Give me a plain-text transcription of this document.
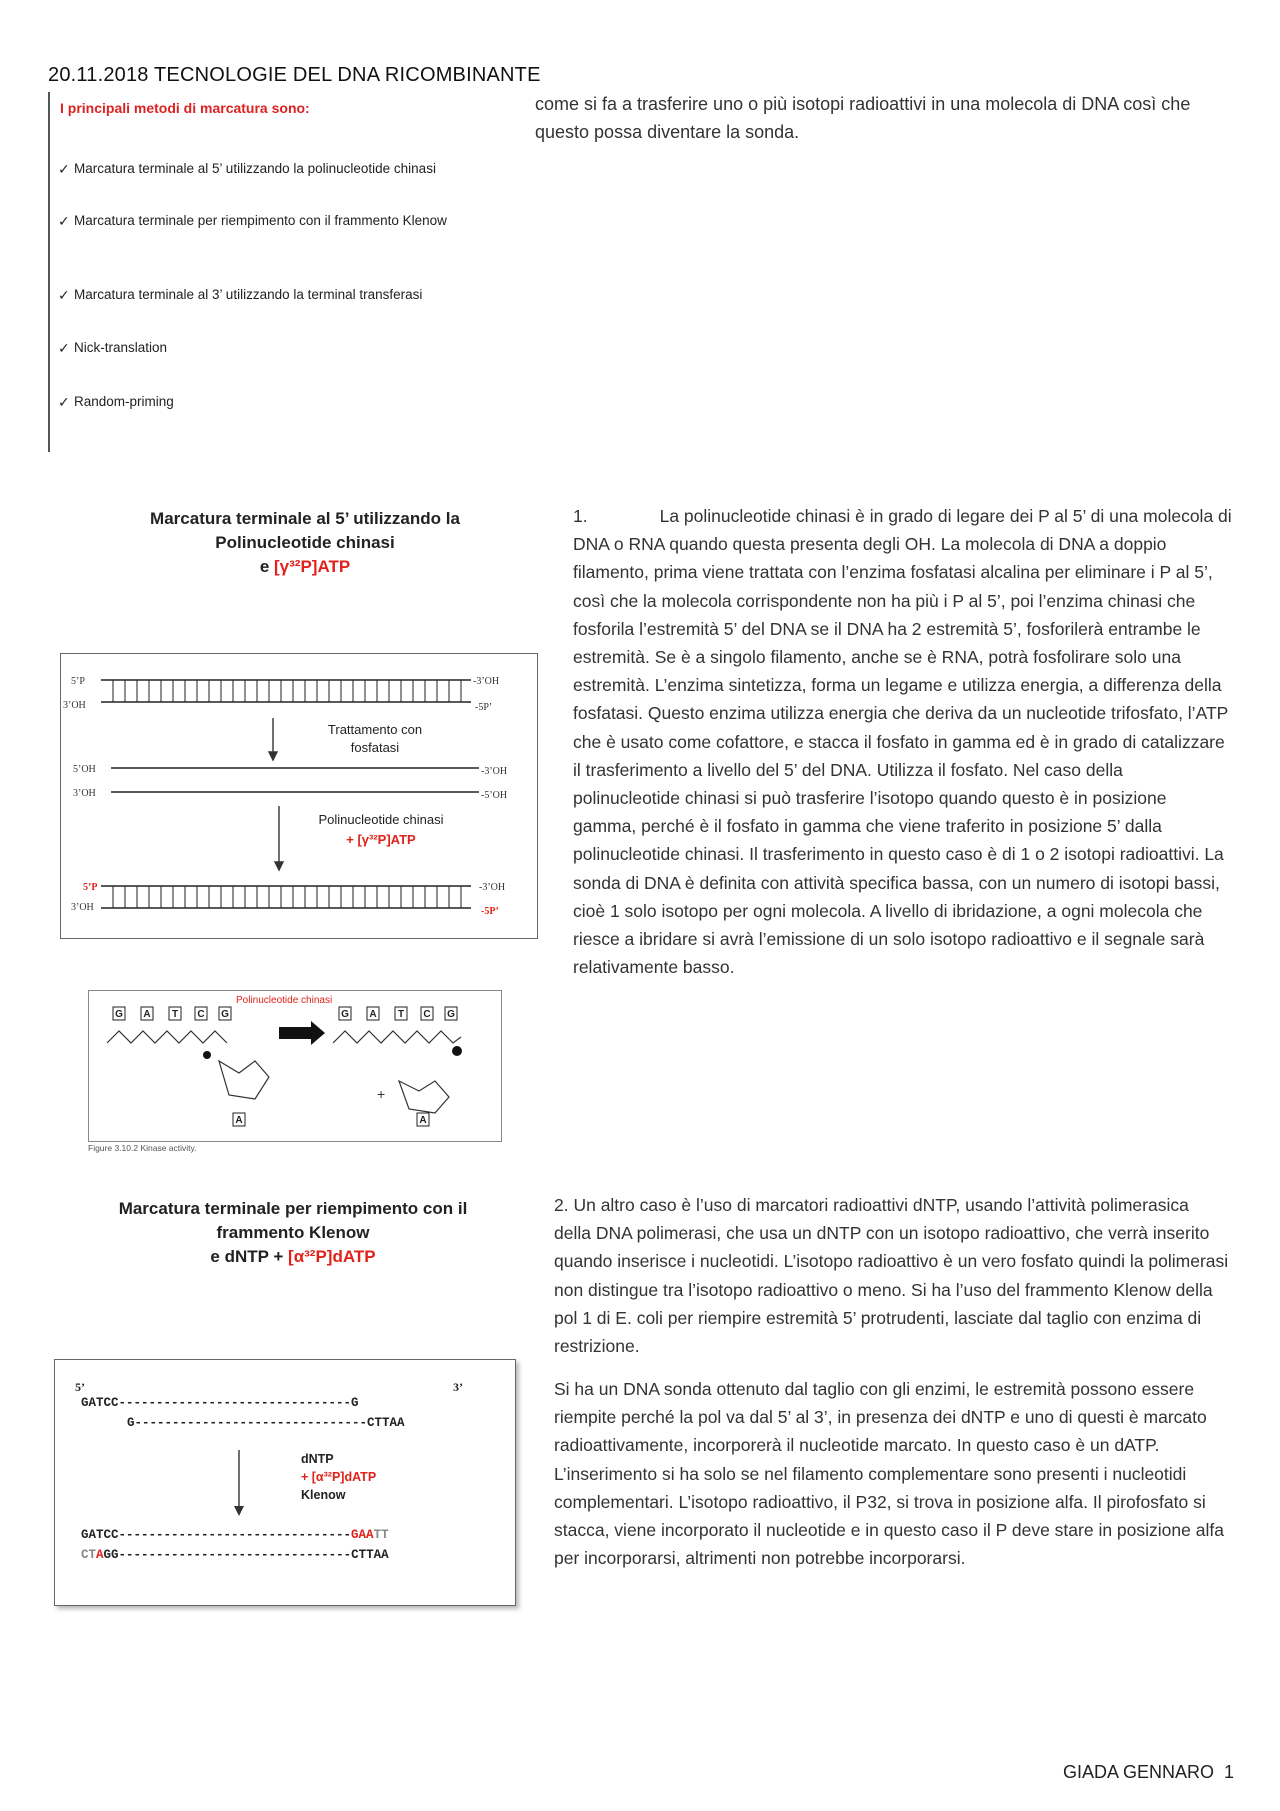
20.11.2018 TECNOLOGIE DEL DNA RICOMBINANTE
come si fa a trasferire uno o più isotopi radioattivi in una molecola di DNA così che questo possa diventare la sonda.
I principali metodi di marcatura sono:
✓ Marcatura terminale al 5’ utilizzando la polinucleotide chinasi
✓ Marcatura terminale per riempimento con il frammento Klenow
✓ Marcatura terminale al 3’ utilizzando la terminal transferasi
✓ Nick-translation
✓ Random-priming
Marcatura terminale al 5’ utilizzando la
Polinucleotide chinasi
e [γ³²P]ATP
5’P	-3’OH
3’OH	-5P’
5’OH	-3’OH
3’OH	-5’OH
5’P	-3’OH
3’OH	-5P’
Trattamento con
fosfatasi
Polinucleotide chinasi
+ [γ³²P]ATP
Polinucleotide chinasi
G A T C G	G A T C G
A	A
+
Figure 3.10.2 Kinase activity.
Marcatura terminale per riempimento con il
frammento Klenow
e dNTP + [α³²P]dATP
5’	3’
GATCC-------------------------------G
G-------------------------------CTTAA
dNTP
+ [α³²P]dATP
Klenow
GATCC-------------------------------GAATT
CTAGG-------------------------------CTTAA
1.	La polinucleotide chinasi è in grado di legare dei P al 5’ di una molecola di DNA o RNA quando questa presenta degli OH. La molecola di DNA a doppio filamento, prima viene trattata con l’enzima fosfatasi alcalina per eliminare i P al 5’, così che la molecola corrispondente non ha più i P al 5’, poi l’enzima chinasi che fosforila l’estremità 5’ del DNA se il DNA ha 2 estremità 5’, fosforilerà entrambe le estremità. Se è a singolo filamento, anche se è RNA, potrà fosfolirare solo una estremità. L’enzima sintetizza, forma un legame e utilizza energia, a differenza della fosfatasi. Questo enzima utilizza energia che deriva da un nucleotide trifosfato, l’ATP che è usato come cofattore, e stacca il fosfato in gamma ed è in grado di catalizzare il trasferimento a livello del 5’ del DNA. Utilizza il fosfato. Nel caso della polinucleotide chinasi si può trasferire l’isotopo quando questo è in posizione gamma, perché è il fosfato in gamma che viene traferito in posizione 5’ dalla polinucleotide chinasi. Il trasferimento in questo caso è di 1 o 2 isotopi radioattivi. La sonda di DNA è definita con attività specifica bassa, con un numero di isotopi bassi, cioè 1 solo isotopo per ogni molecola. A livello di ibridazione, a ogni molecola che riesce a ibridare si avrà l’emissione di un solo isotopo radioattivo e il segnale sarà relativamente basso.
2. Un altro caso è l’uso di marcatori radioattivi dNTP, usando l’attività polimerasica della DNA polimerasi, che usa un dNTP con un isotopo radioattivo, che verrà inserito quando inserisce i nucleotidi. L’isotopo radioattivo è un vero fosfato quindi la polimerasi non distingue tra l’isotopo radioattivo o meno. Si ha l’uso del frammento Klenow della pol 1 di E. coli per riempire estremità 5’ protrudenti, lasciate dal taglio con enzima di restrizione.
Si ha un DNA sonda ottenuto dal taglio con gli enzimi, le estremità possono essere riempite perché la pol va dal 5’ al 3’, in presenza dei dNTP e uno di questi è marcato radioattivamente, incorporerà il nucleotide marcato. In questo caso è un dATP. L’inserimento si ha solo se nel filamento complementare sono presenti i nucleotidi complementari. L’isotopo radioattivo, il P32, si trova in posizione alfa. Il pirofosfato si stacca, viene incorporato il nucleotide e in questo caso il P deve stare in posizione alfa per incorporarsi, altrimenti non potrebbe incorporarsi.
GIADA GENNARO 1
